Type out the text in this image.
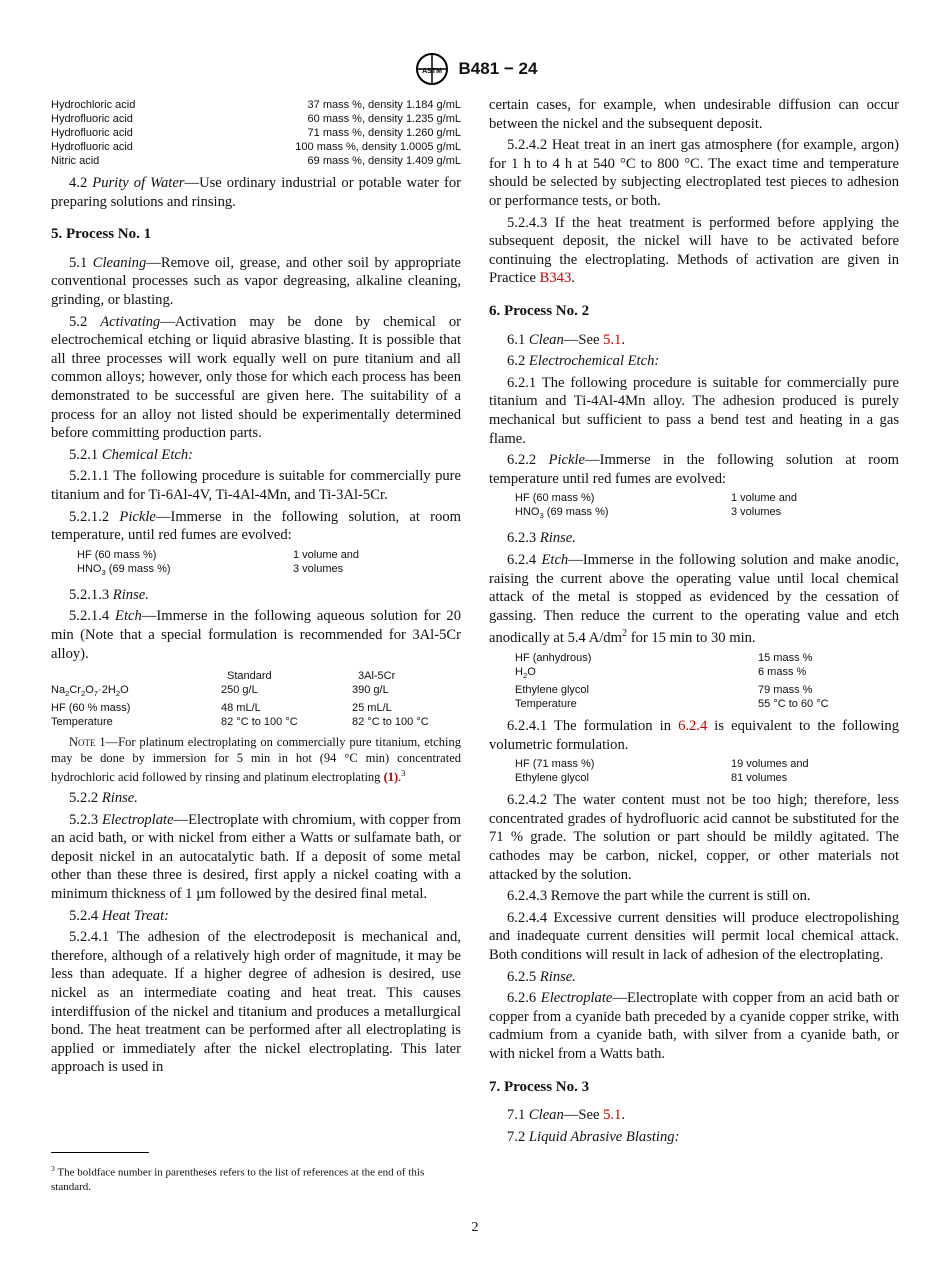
ASTM B481 − 24
Hydrochloric acid	37 mass %, density 1.184 g/mL
Hydrofluoric acid	60 mass %, density 1.235 g/mL
Hydrofluoric acid	71 mass %, density 1.260 g/mL
Hydrofluoric acid	100 mass %, density 1.0005 g/mL
Nitric acid	69 mass %, density 1.409 g/mL

4.2 Purity of Water—Use ordinary industrial or potable water for preparing solutions and rinsing.

5. Process No. 1

5.1 Cleaning—Remove oil, grease, and other soil by appropriate conventional processes such as vapor degreasing, alkaline cleaning, grinding, or blasting.

5.2 Activating—Activation may be done by chemical or electrochemical etching or liquid abrasive blasting. It is possible that all three processes will work equally well on pure titanium and all common alloys; however, only those for which each process has been demonstrated to be successful are given here. The suitability of a process for an alloy not listed should be experimentally determined before committing production parts.

5.2.1 Chemical Etch:

5.2.1.1 The following procedure is suitable for commercially pure titanium and for Ti-6Al-4V, Ti-4Al-4Mn, and Ti-3Al-5Cr.

5.2.1.2 Pickle—Immerse in the following solution, at room temperature, until red fumes are evolved:

HF (60 mass %)	1 volume and
$HNO_3$ (69 mass %)	3 volumes

5.2.1.3 Rinse.

5.2.1.4 Etch—Immerse in the following aqueous solution for 20 min (Note that a special formulation is recommended for 3Al-5Cr alloy).

	Standard	3Al-5Cr
$Na_2Cr_2O_7\cdot 2H_2O$	250 g/L	390 g/L
HF (60 % mass)	48 mL/L	25 mL/L
Temperature	82 °C to 100 °C	82 °C to 100 °C

Note 1—For platinum electroplating on commercially pure titanium, etching may be done by immersion for 5 min in hot (94 °C min) concentrated hydrochloric acid followed by rinsing and platinum electroplating (1).$^3$

5.2.2 Rinse.

5.2.3 Electroplate—Electroplate with chromium, with copper from an acid bath, or with nickel from either a Watts or sulfamate bath, or deposit nickel in an autocatalytic bath. If a deposit of some metal other than these three is desired, first apply a nickel coating with a minimum thickness of 1 µm followed by the desired final metal.

5.2.4 Heat Treat:

5.2.4.1 The adhesion of the electrodeposit is mechanical and, therefore, although of a relatively high order of magnitude, it may be less than adequate. If a higher degree of adhesion is desired, use nickel as an intermediate coating and heat treat. This causes interdiffusion of the nickel and titanium and produces a metallurgical bond. The heat treatment can be performed after all electroplating is applied or immediately after the nickel electroplating. This later approach is used in

$^3$ The boldface number in parentheses refers to the list of references at the end of this standard.

certain cases, for example, when undesirable diffusion can occur between the nickel and the subsequent deposit.

5.2.4.2 Heat treat in an inert gas atmosphere (for example, argon) for 1 h to 4 h at 540 °C to 800 °C. The exact time and temperature should be selected by subjecting electroplated test pieces to adhesion or performance tests, or both.

5.2.4.3 If the heat treatment is performed before applying the subsequent deposit, the nickel will have to be activated before continuing the electroplating. Methods of activation are given in Practice B343.

6. Process No. 2

6.1 Clean—See 5.1.

6.2 Electrochemical Etch:

6.2.1 The following procedure is suitable for commercially pure titanium and Ti-4Al-4Mn alloy. The adhesion produced is purely mechanical but sufficient to pass a bend test and heating in a gas flame.

6.2.2 Pickle—Immerse in the following solution at room temperature until red fumes are evolved:

HF (60 mass %)	1 volume and
$HNO_3$ (69 mass %)	3 volumes

6.2.3 Rinse.

6.2.4 Etch—Immerse in the following solution and make anodic, raising the current above the operating value until local chemical attack of the metal is stopped as evidenced by the cessation of gassing. Then reduce the current to the operating value and etch anodically at 5.4 $A/dm^2$ for 15 min to 30 min.

HF (anhydrous)	15 mass %
$H_2O$	6 mass %
Ethylene glycol	79 mass %
Temperature	55 °C to 60 °C

6.2.4.1 The formulation in 6.2.4 is equivalent to the following volumetric formulation.

HF (71 mass %)	19 volumes and
Ethylene glycol	81 volumes

6.2.4.2 The water content must not be too high; therefore, less concentrated grades of hydrofluoric acid cannot be substituted for the 71 % grade. The solution or part should be mildly agitated. The cathodes may be carbon, nickel, copper, or other materials not attacked by the solution.

6.2.4.3 Remove the part while the current is still on.

6.2.4.4 Excessive current densities will produce electropolishing and inadequate current densities will permit local chemical attack. Both conditions will result in lack of adhesion of the electroplating.

6.2.5 Rinse.

6.2.6 Electroplate—Electroplate with copper from an acid bath or copper from a cyanide bath preceded by a cyanide copper strike, with cadmium from a cyanide bath, with silver from a cyanide bath, or with nickel from a Watts bath.

7. Process No. 3

7.1 Clean—See 5.1.

7.2 Liquid Abrasive Blasting:

2
